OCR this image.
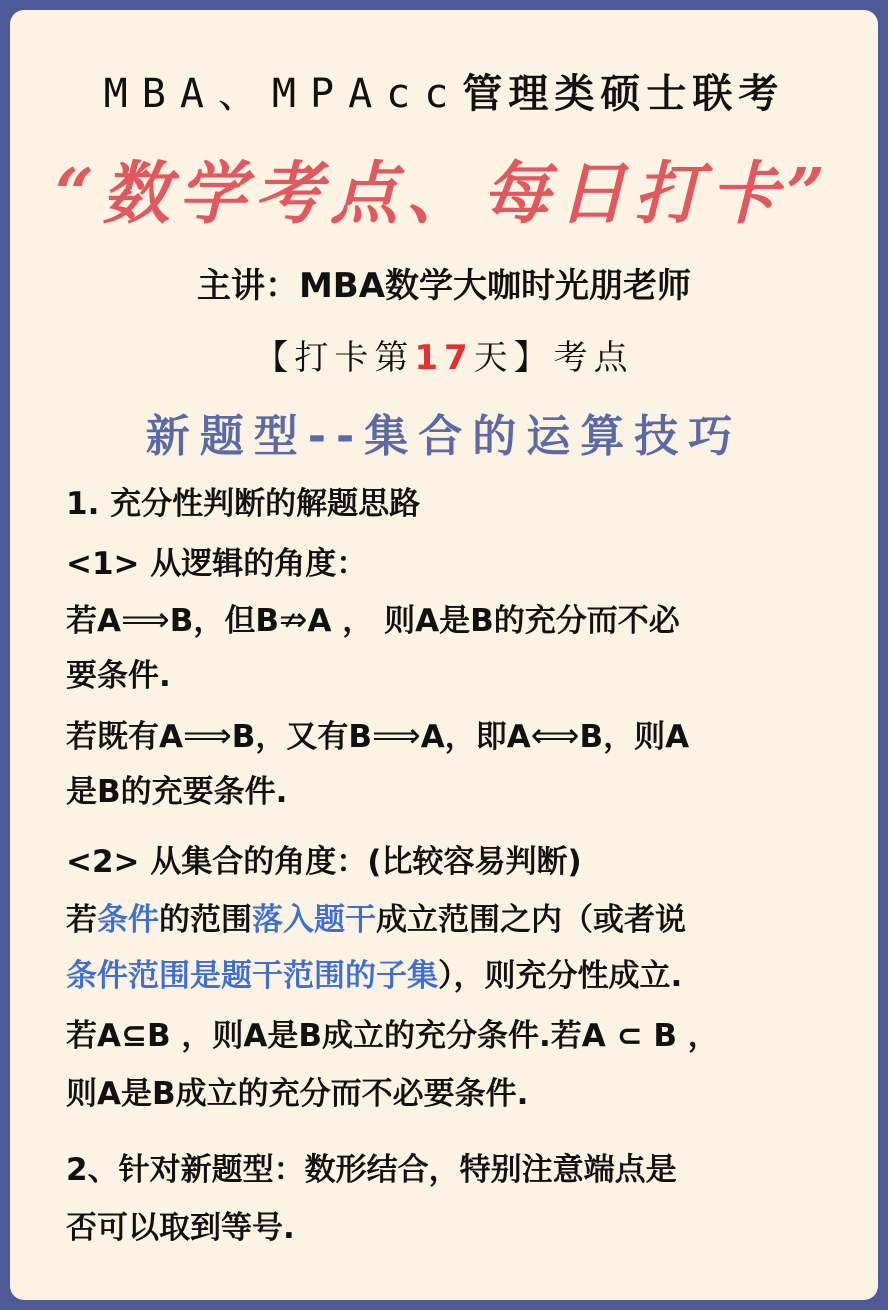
MBA、MPAcc管理类硕士联考
“数学考点、每日打卡”
主讲：MBA数学大咖时光朋老师
【打卡第17天】考点
新题型--集合的运算技巧
1. 充分性判断的解题思路
<1> 从逻辑的角度：
若A⟹B，但B⇏A ， 则A是B的充分而不必
要条件.
若既有A⟹B，又有B⟹A，即A⟺B，则A
是B的充要条件.
<2> 从集合的角度：(比较容易判断)
若条件的范围落入题干成立范围之内（或者说
条件范围是题干范围的子集），则充分性成立.
若A⊆B ，则A是B成立的充分条件.若A ⊂ B ，
则A是B成立的充分而不必要条件.
2、针对新题型：数形结合，特别注意端点是
否可以取到等号.
